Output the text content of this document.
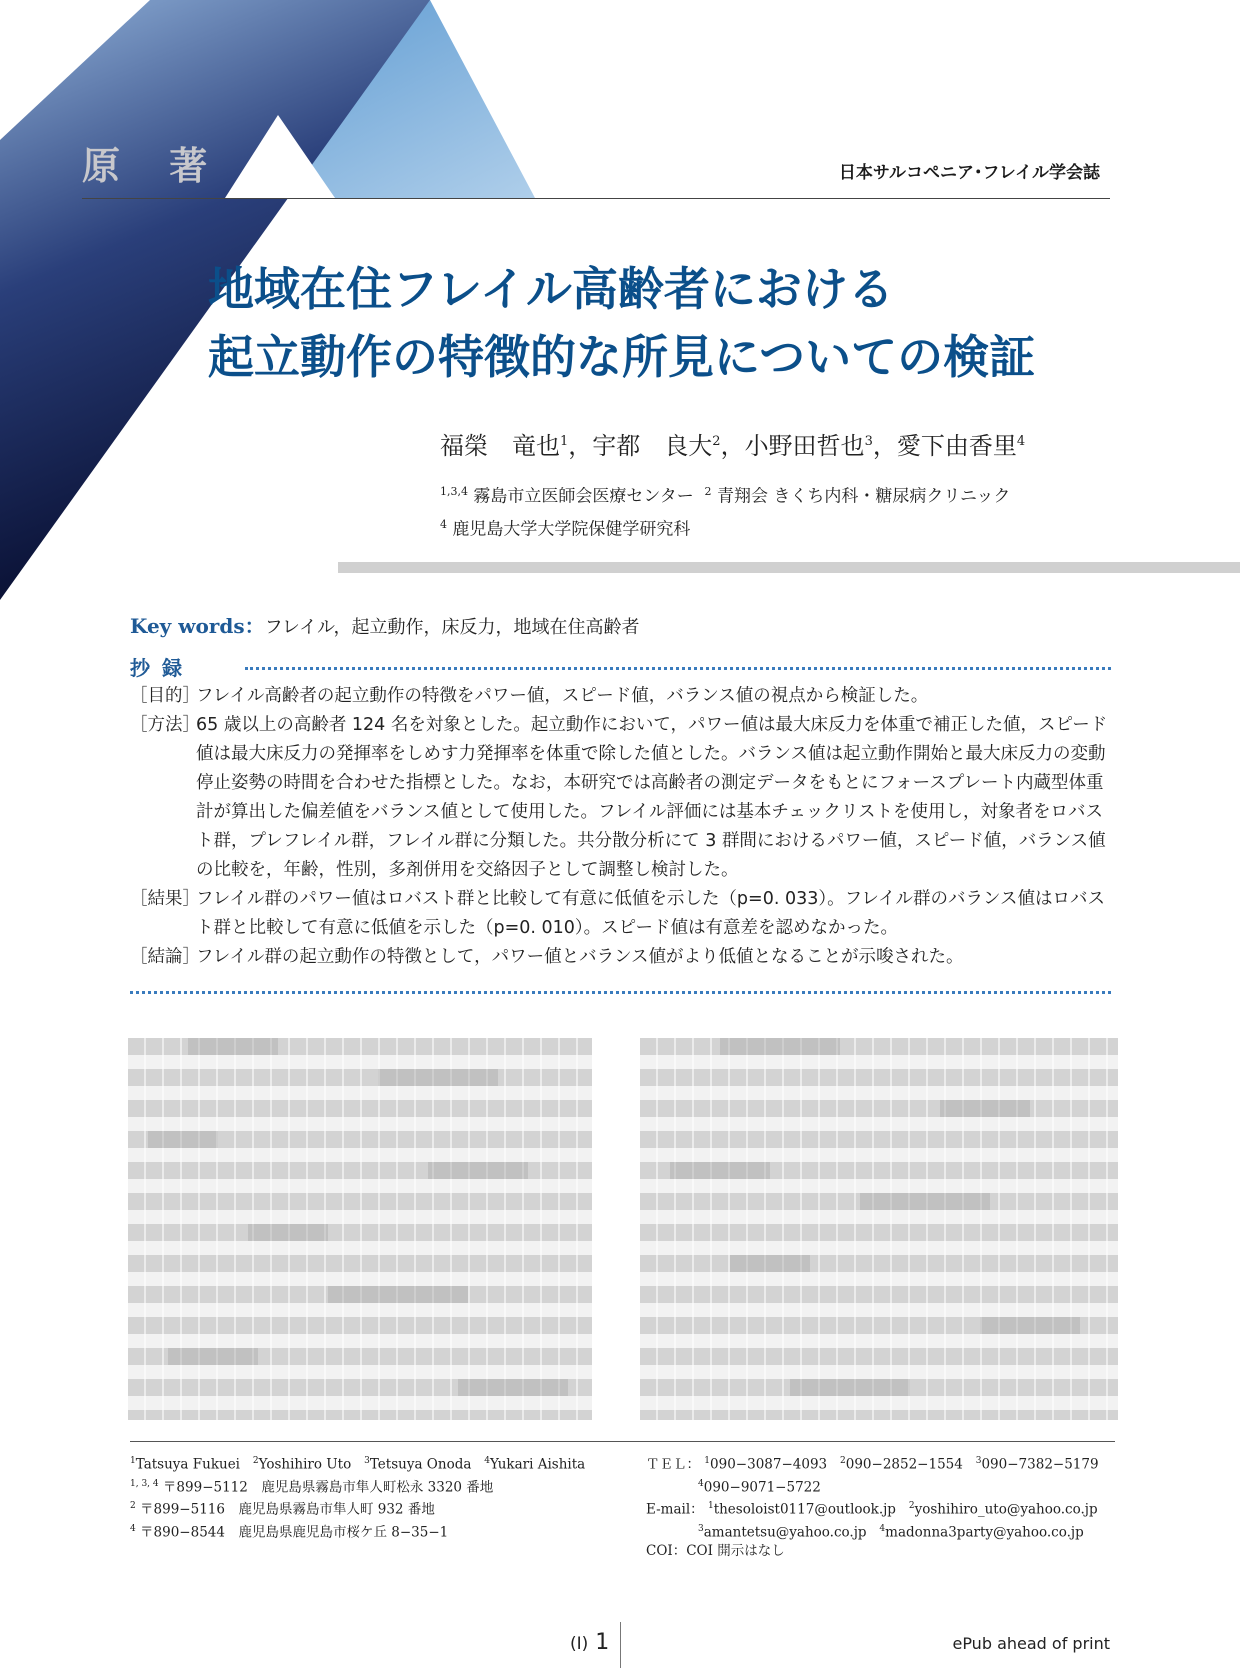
原 著	日本サルコペニア･フレイル学会誌
地域在住フレイル高齢者における
起立動作の特徴的な所見についての検証
福榮　竜也$^1$，宇都　良大$^2$，小野田哲也$^3$，愛下由香里$^4$
$^{1,3,4}$ 霧島市立医師会医療センター $^2$ 青翔会 きくち内科・糖尿病クリニック
$^4$ 鹿児島大学大学院保健学研究科
Key words：フレイル，起立動作，床反力，地域在住高齢者
抄録
［目的］
フレイル高齢者の起立動作の特徴をパワー値，スピード値，バランス値の視点から検証した。
［方法］
65 歳以上の高齢者 124 名を対象とした。起立動作において，パワー値は最大床反力を体重で補正した値，スピード値は最大床反力の発揮率をしめす力発揮率を体重で除した値とした。バランス値は起立動作開始と最大床反力の変動停止姿勢の時間を合わせた指標とした。なお，本研究では高齢者の測定データをもとにフォースプレート内蔵型体重計が算出した偏差値をバランス値として使用した。フレイル評価には基本チェックリストを使用し，対象者をロバスト群，プレフレイル群，フレイル群に分類した。共分散分析にて 3 群間におけるパワー値，スピード値，バランス値の比較を，年齢，性別，多剤併用を交絡因子として調整し検討した。
［結果］
フレイル群のパワー値はロバスト群と比較して有意に低値を示した（p=0. 033）。フレイル群のバランス値はロバスト群と比較して有意に低値を示した（p=0. 010）。スピード値は有意差を認めなかった。
［結論］
フレイル群の起立動作の特徴として，パワー値とバランス値がより低値となることが示唆された。
$^1$Tatsuya Fukuei $^2$Yoshihiro Uto $^3$Tetsuya Onoda $^4$Yukari Aishita
$^{1, 3, 4}$ 〒899−5112　鹿児島県霧島市隼人町松永 3320 番地
$^2$ 〒899−5116　鹿児島県霧島市隼人町 932 番地
$^4$ 〒890−8544　鹿児島県鹿児島市桜ケ丘 8−35−1
ＴＥＬ： $^1$090−3087−4093 $^2$090−2852−1554 $^3$090−7382−5179
$^4$090−9071−5722
E-mail： $^1$thesoloist0117@outlook.jp $^2$yoshihiro_uto@yahoo.co.jp
$^3$amantetsu@yahoo.co.jp $^4$madonna3party@yahoo.co.jp
COI：COI 開示はなし
(I) 1	ePub ahead of print
